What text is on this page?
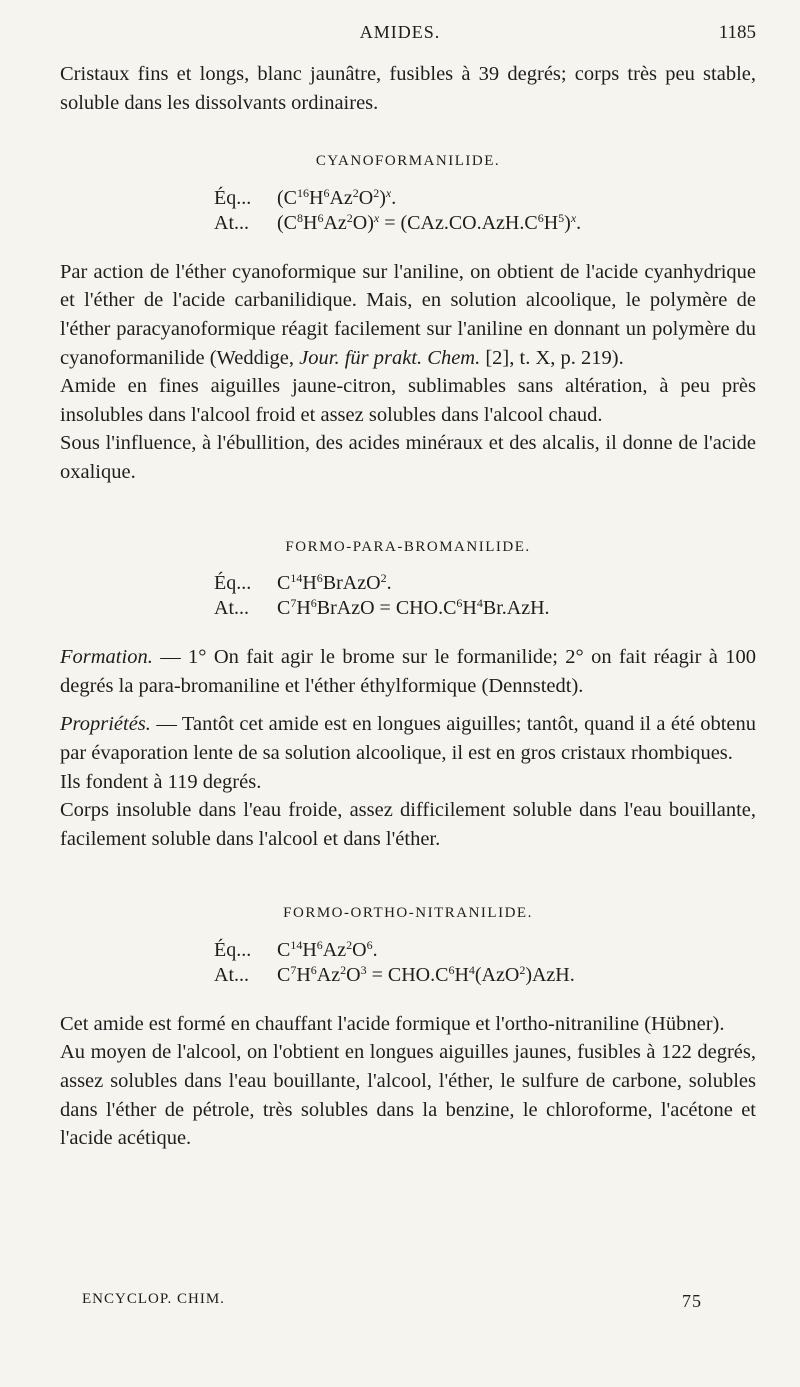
AMIDES.	1185

Cristaux fins et longs, blanc jaunâtre, fusibles à 39 degrés; corps très peu stable, soluble dans les dissolvants ordinaires.

CYANOFORMANILIDE.
Éq... $(C^{16}H^6Az^2O^2)^x$.
At... $(C^8H^6Az^2O)^x = (CAz.CO.AzH.C^6H^5)^x$.

Par action de l'éther cyanoformique sur l'aniline, on obtient de l'acide cyanhydrique et l'éther de l'acide carbanilidique. Mais, en solution alcoolique, le polymère de l'éther paracyanoformique réagit facilement sur l'aniline en donnant un polymère du cyanoformanilide (Weddige, Jour. für prakt. Chem. [2], t. X, p. 219).

Amide en fines aiguilles jaune-citron, sublimables sans altération, à peu près insolubles dans l'alcool froid et assez solubles dans l'alcool chaud.

Sous l'influence, à l'ébullition, des acides minéraux et des alcalis, il donne de l'acide oxalique.

FORMO-PARA-BROMANILIDE.
Éq... $C^{14}H^6BrAzO^2$.
At... $C^7H^6BrAzO = CHO.C^6H^4Br.AzH$.

Formation. — 1° On fait agir le brome sur le formanilide; 2° on fait réagir à 100 degrés la para-bromaniline et l'éther éthylformique (Dennstedt).

Propriétés. — Tantôt cet amide est en longues aiguilles; tantôt, quand il a été obtenu par évaporation lente de sa solution alcoolique, il est en gros cristaux rhombiques.

Ils fondent à 119 degrés.

Corps insoluble dans l'eau froide, assez difficilement soluble dans l'eau bouillante, facilement soluble dans l'alcool et dans l'éther.

FORMO-ORTHO-NITRANILIDE.
Éq... $C^{14}H^6Az^2O^6$.
At... $C^7H^6Az^2O^3 = CHO.C^6H^4(AzO^2)AzH$.

Cet amide est formé en chauffant l'acide formique et l'ortho-nitraniline (Hübner).

Au moyen de l'alcool, on l'obtient en longues aiguilles jaunes, fusibles à 122 degrés, assez solubles dans l'eau bouillante, l'alcool, l'éther, le sulfure de carbone, solubles dans l'éther de pétrole, très solubles dans la benzine, le chloroforme, l'acétone et l'acide acétique.

ENCYCLOP. CHIM.	75
